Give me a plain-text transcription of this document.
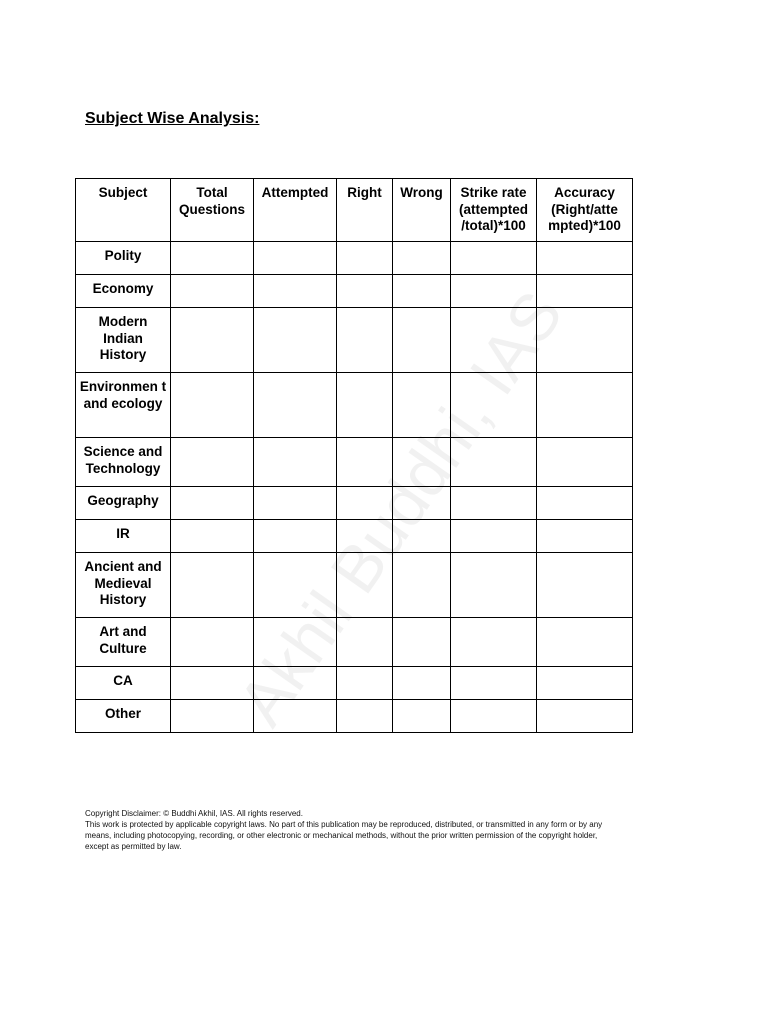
Akhil Buddhi, IAS
Subject Wise Analysis:
Subject	Total Questions	Attempted	Right	Wrong	Strike rate (attempted /total)*100	Accuracy (Right/atte mpted)*100
Polity						
Economy						
Modern Indian History						
Environmen t and ecology						
Science and Technology						
Geography						
IR						
Ancient and Medieval History						
Art and Culture						
CA						
Other						

Copyright Disclaimer: © Buddhi Akhil, IAS. All rights reserved.

This work is protected by applicable copyright laws. No part of this publication may be reproduced, distributed, or transmitted in any form or by any means, including photocopying, recording, or other electronic or mechanical methods, without the prior written permission of the copyright holder, except as permitted by law.
